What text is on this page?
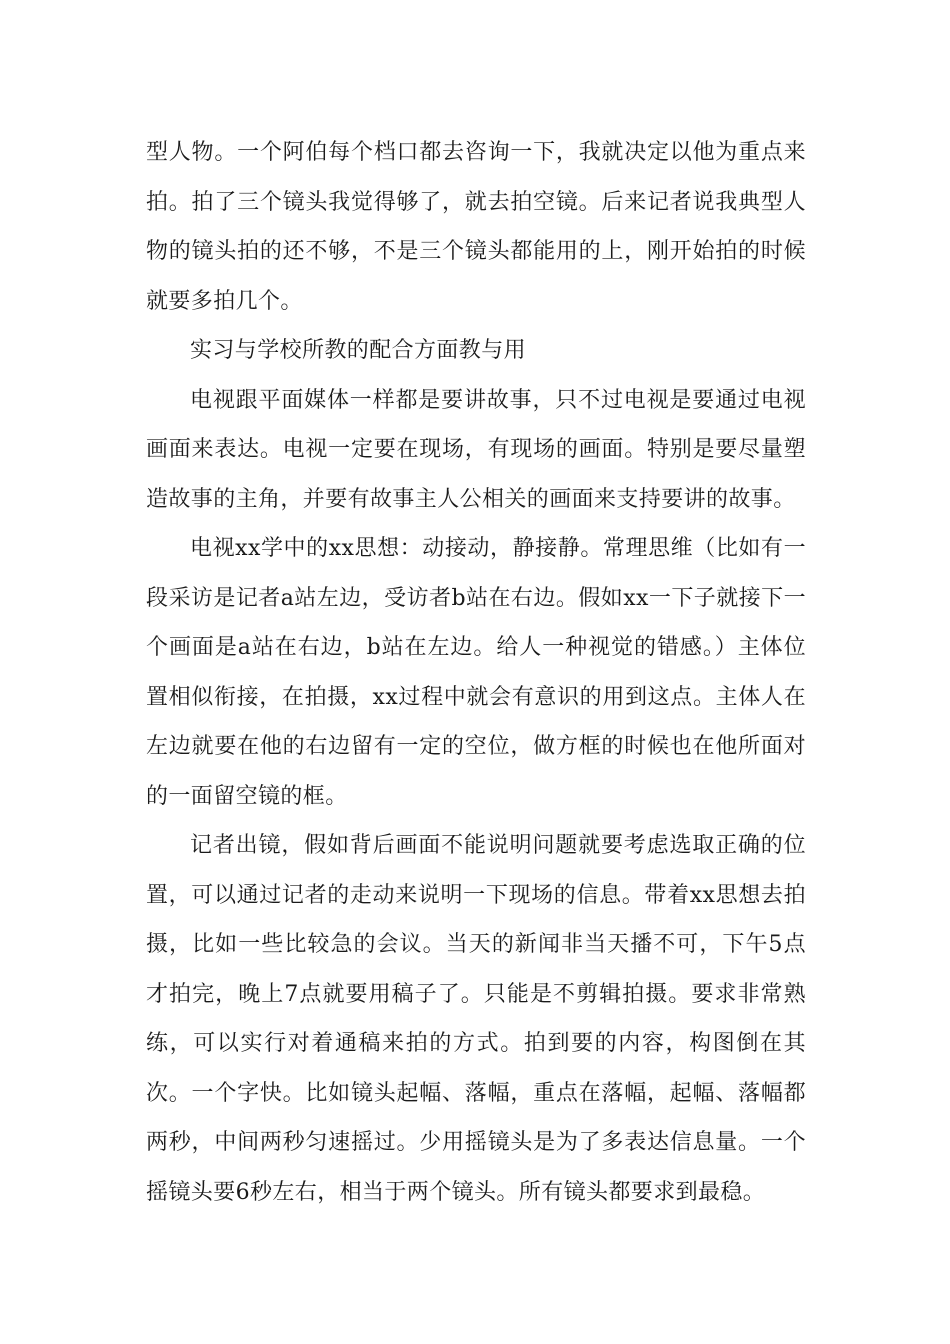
型人物。一个阿伯每个档口都去咨询一下，我就决定以他为重点来拍。拍了三个镜头我觉得够了，就去拍空镜。后来记者说我典型人物的镜头拍的还不够，不是三个镜头都能用的上，刚开始拍的时候就要多拍几个。

实习与学校所教的配合方面教与用

电视跟平面媒体一样都是要讲故事，只不过电视是要通过电视画面来表达。电视一定要在现场，有现场的画面。特别是要尽量塑造故事的主角，并要有故事主人公相关的画面来支持要讲的故事。

电视xx学中的xx思想：动接动，静接静。常理思维（比如有一段采访是记者a站左边，受访者b站在右边。假如xx一下子就接下一个画面是a站在右边，b站在左边。给人一种视觉的错感。）主体位置相似衔接，在拍摄，xx过程中就会有意识的用到这点。主体人在左边就要在他的右边留有一定的空位，做方框的时候也在他所面对的一面留空镜的框。

记者出镜，假如背后画面不能说明问题就要考虑选取正确的位置，可以通过记者的走动来说明一下现场的信息。带着xx思想去拍摄，比如一些比较急的会议。当天的新闻非当天播不可，下午5点才拍完，晚上7点就要用稿子了。只能是不剪辑拍摄。要求非常熟练，可以实行对着通稿来拍的方式。拍到要的内容，构图倒在其次。一个字快。比如镜头起幅、落幅，重点在落幅，起幅、落幅都两秒，中间两秒匀速摇过。少用摇镜头是为了多表达信息量。一个摇镜头要6秒左右，相当于两个镜头。所有镜头都要求到最稳。
